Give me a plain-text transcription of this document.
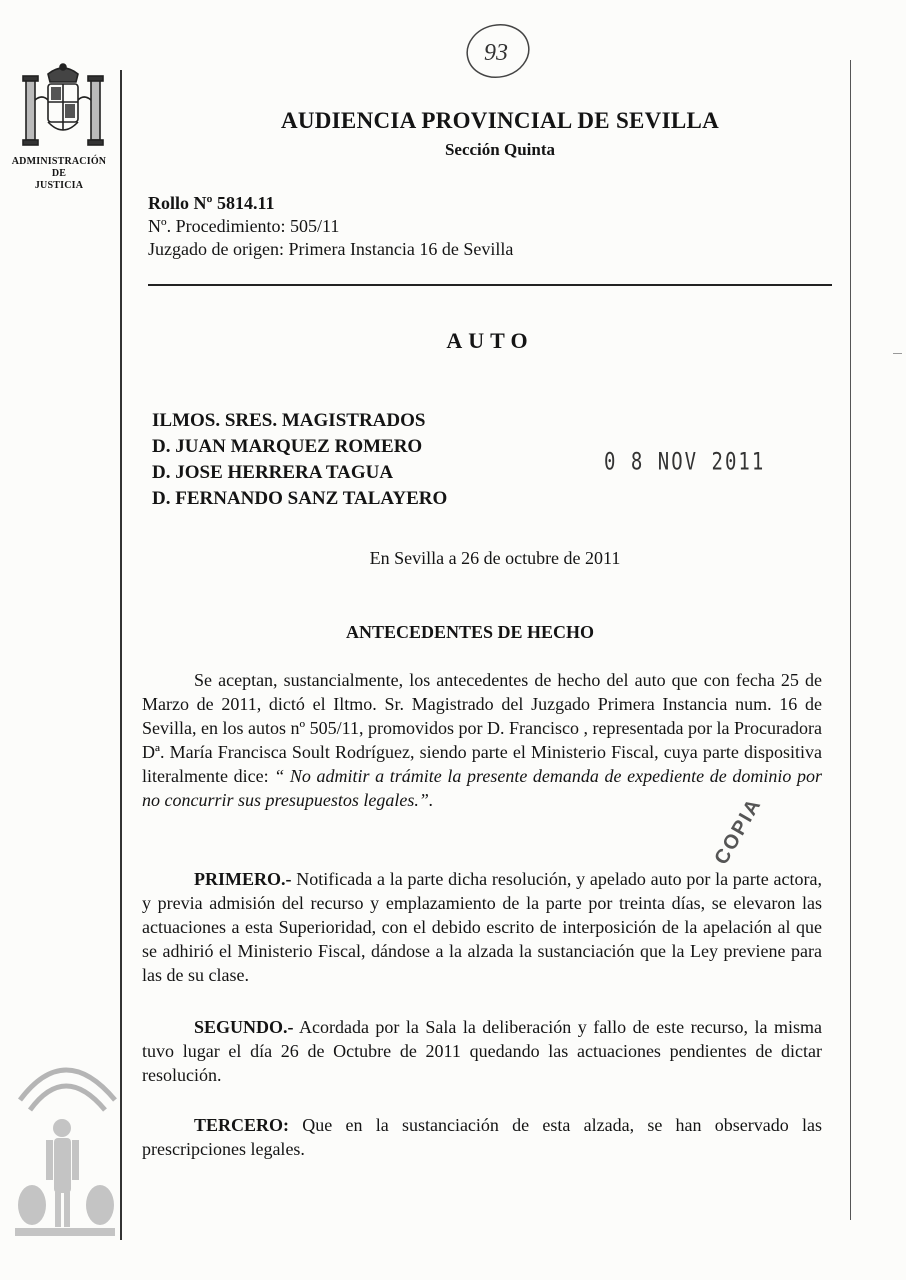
ADMINISTRACIÓN
DE
JUSTICIA
93
AUDIENCIA PROVINCIAL DE SEVILLA
Sección Quinta
Rollo Nº 5814.11
Nº. Procedimiento: 505/11
Juzgado de origen: Primera Instancia 16 de Sevilla
AUTO
ILMOS. SRES. MAGISTRADOS
D. JUAN MARQUEZ ROMERO
D. JOSE HERRERA TAGUA
D. FERNANDO SANZ TALAYERO
0 8 NOV 2011
En Sevilla a 26 de octubre de 2011
ANTECEDENTES DE HECHO
Se aceptan, sustancialmente, los antecedentes de hecho del auto que con fecha 25 de Marzo de 2011, dictó el Iltmo. Sr. Magistrado del Juzgado Primera Instancia num. 16 de Sevilla, en los autos nº 505/11, promovidos por D. Francisco , representada por la Procuradora Dª. María Francisca Soult Rodríguez, siendo parte el Ministerio Fiscal, cuya parte dispositiva literalmente dice: “ No admitir a trámite la presente demanda de expediente de dominio por no concurrir sus presupuestos legales.”.
PRIMERO.- Notificada a la parte dicha resolución, y apelado auto por la parte actora, y previa admisión del recurso y emplazamiento de la parte por treinta días, se elevaron las actuaciones a esta Superioridad, con el debido escrito de interposición de la apelación al que se adhirió el Ministerio Fiscal, dándose a la alzada la sustanciación que la Ley previene para las de su clase.
SEGUNDO.- Acordada por la Sala la deliberación y fallo de este recurso, la misma tuvo lugar el día 26 de Octubre de 2011 quedando las actuaciones pendientes de dictar resolución.
TERCERO: Que en la sustanciación de esta alzada, se han observado las prescripciones legales.
COPIA
